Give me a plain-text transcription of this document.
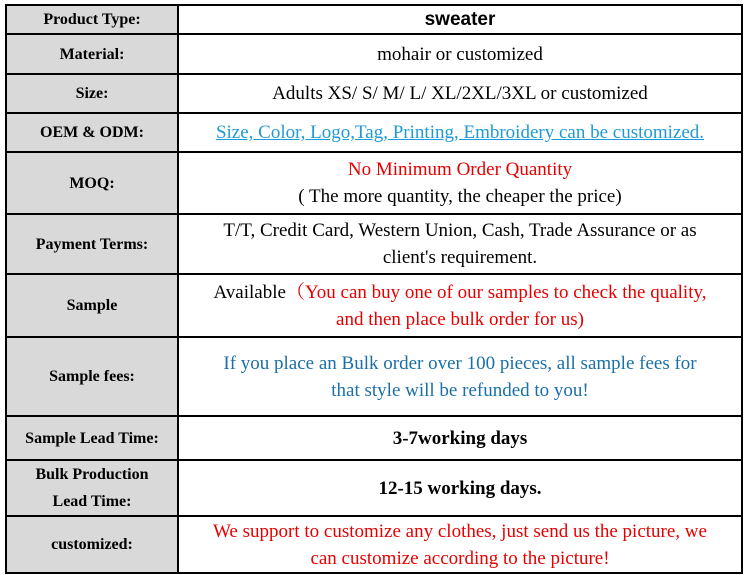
Product Type:	sweater
Material:	mohair or customized
Size:	Adults XS/ S/ M/ L/ XL/2XL/3XL or customized
OEM & ODM:	Size, Color, Logo,Tag, Printing, Embroidery can be customized.
MOQ:	No Minimum Order Quantity
( The more quantity, the cheaper the price)

Payment Terms:	T/T, Credit Card, Western Union, Cash, Trade Assurance or as
client's requirement.

Sample	Available（You can buy one of our samples to check the quality,
and then place bulk order for us)

Sample fees:	If you place an Bulk order over 100 pieces, all sample fees for
that style will be refunded to you!

Sample Lead Time:	3-7working days

Bulk Production
Lead Time:	12-15 working days.
customized:	We support to customize any clothes, just send us the picture, we
can customize according to the picture!
